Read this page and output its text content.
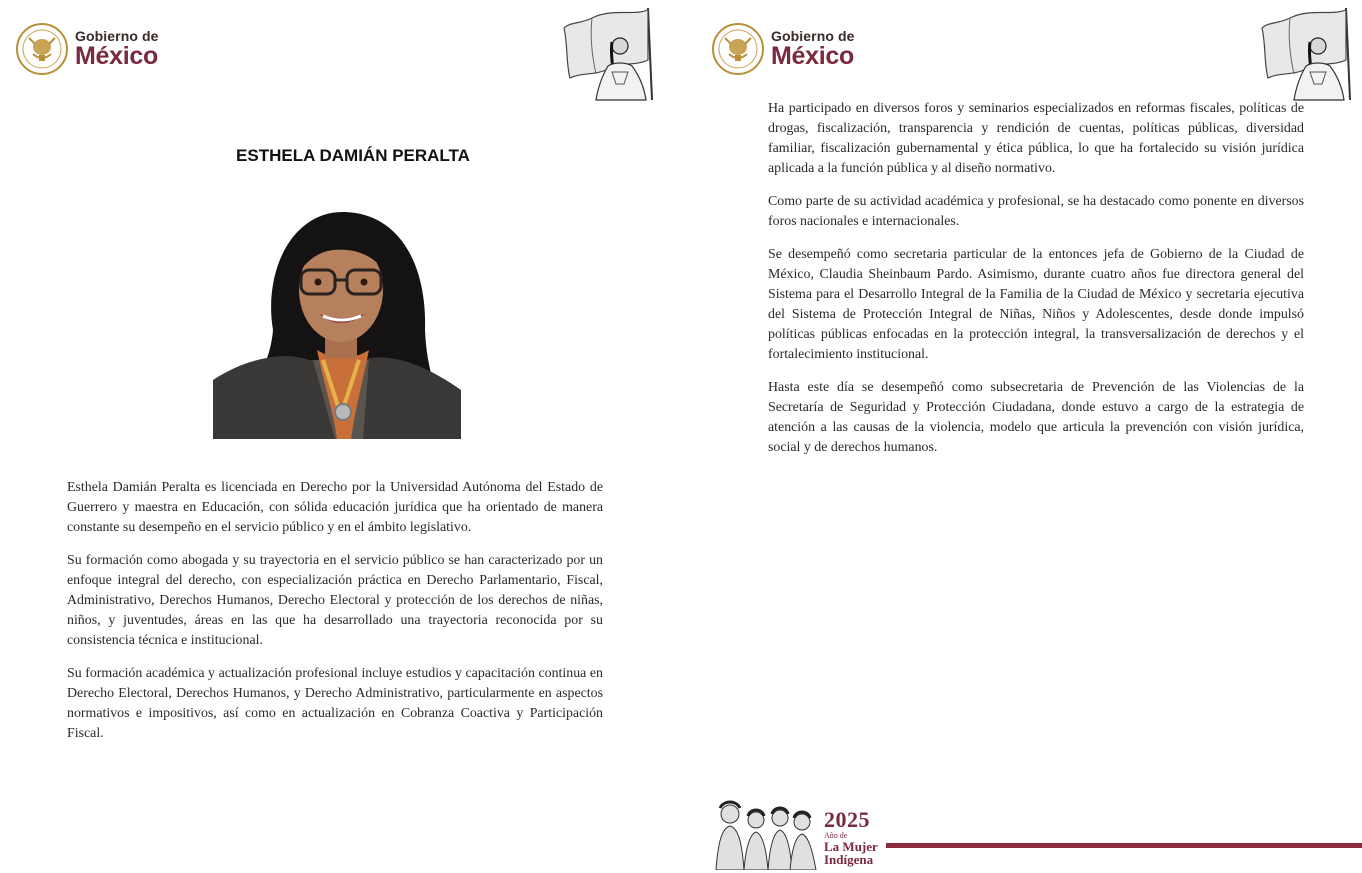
Gobierno de
México
ESTHELA DAMIÁN PERALTA

Esthela Damián Peralta es licenciada en Derecho por la Universidad Autónoma del Estado de Guerrero y maestra en Educación, con sólida educación jurídica que ha orientado de manera constante su desempeño en el servicio público y en el ámbito legislativo.

Su formación como abogada y su trayectoria en el servicio público se han caracterizado por un enfoque integral del derecho, con especialización práctica en Derecho Parlamentario, Fiscal, Administrativo, Derechos Humanos, Derecho Electoral y protección de los derechos de niñas, niños, y juventudes, áreas en las que ha desarrollado una trayectoria reconocida por su consistencia técnica e institucional.

Su formación académica y actualización profesional incluye estudios y capacitación continua en Derecho Electoral, Derechos Humanos, y Derecho Administrativo, particularmente en aspectos normativos e impositivos, así como en actualización en Cobranza Coactiva y Participación Fiscal.

Gobierno de
México

Ha participado en diversos foros y seminarios especializados en reformas fiscales, políticas de drogas, fiscalización, transparencia y rendición de cuentas, políticas públicas, diversidad familiar, fiscalización gubernamental y ética pública, lo que ha fortalecido su visión jurídica aplicada a la función pública y al diseño normativo.

Como parte de su actividad académica y profesional, se ha destacado como ponente en diversos foros nacionales e internacionales.

Se desempeñó como secretaria particular de la entonces jefa de Gobierno de la Ciudad de México, Claudia Sheinbaum Pardo. Asimismo, durante cuatro años fue directora general del Sistema para el Desarrollo Integral de la Familia de la Ciudad de México y secretaria ejecutiva del Sistema de Protección Integral de Niñas, Niños y Adolescentes, desde donde impulsó políticas públicas enfocadas en la protección integral, la transversalización de derechos y el fortalecimiento institucional.

Hasta este día se desempeñó como subsecretaria de Prevención de las Violencias de la Secretaría de Seguridad y Protección Ciudadana, donde estuvo a cargo de la estrategia de atención a las causas de la violencia, modelo que articula la prevención con visión jurídica, social y de derechos humanos.

2025
Año de
La Mujer
Indígena
